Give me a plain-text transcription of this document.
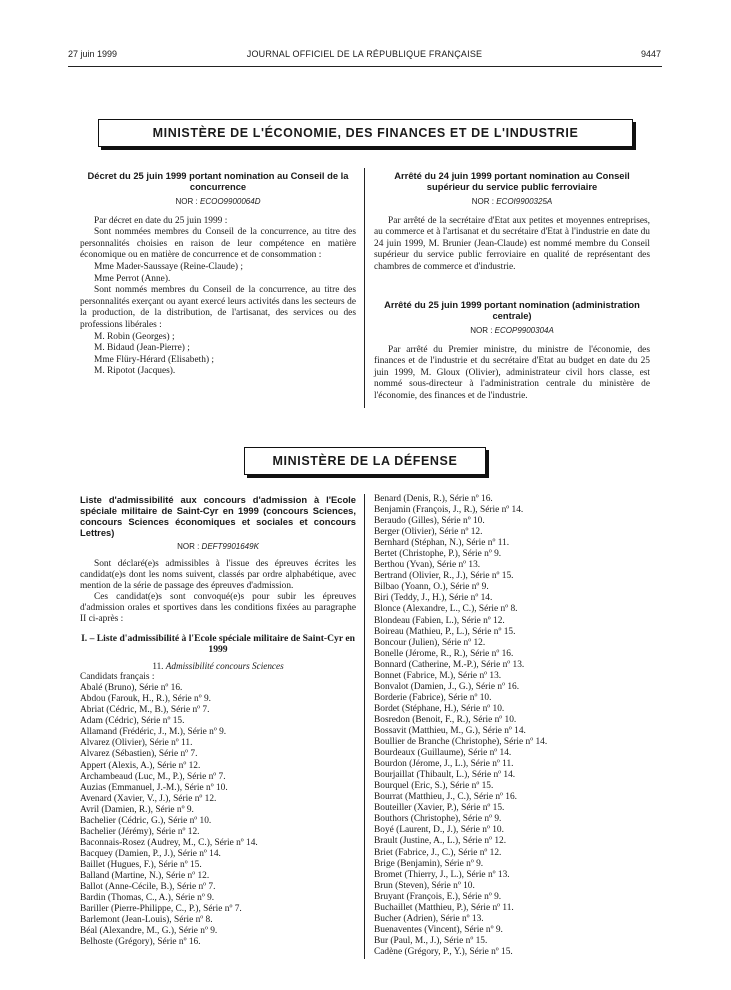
27 juin 1999	JOURNAL OFFICIEL DE LA RÉPUBLIQUE FRANÇAISE	9447
MINISTÈRE DE L'ÉCONOMIE, DES FINANCES ET DE L'INDUSTRIE
Décret du 25 juin 1999 portant nomination au Conseil de la concurrence
NOR : ECOO9900064D

Par décret en date du 25 juin 1999 :

Sont nommées membres du Conseil de la concurrence, au titre des personnalités choisies en raison de leur compétence en matière économique ou en matière de concurrence et de consommation :

Mme Mader-Saussaye (Reine-Claude) ;

Mme Perrot (Anne).

Sont nommés membres du Conseil de la concurrence, au titre des personnalités exerçant ou ayant exercé leurs activités dans les secteurs de la production, de la distribution, de l'artisanat, des services ou des professions libérales :

M. Robin (Georges) ;

M. Bidaud (Jean-Pierre) ;

Mme Flüry-Hérard (Elisabeth) ;

M. Ripotot (Jacques).

Arrêté du 24 juin 1999 portant nomination au Conseil supérieur du service public ferroviaire
NOR : ECOI9900325A

Par arrêté de la secrétaire d'Etat aux petites et moyennes entreprises, au commerce et à l'artisanat et du secrétaire d'Etat à l'industrie en date du 24 juin 1999, M. Brunier (Jean-Claude) est nommé membre du Conseil supérieur du service public ferroviaire en qualité de représentant des chambres de commerce et d'industrie.

Arrêté du 25 juin 1999 portant nomination (administration centrale)
NOR : ECOP9900304A

Par arrêté du Premier ministre, du ministre de l'économie, des finances et de l'industrie et du secrétaire d'Etat au budget en date du 25 juin 1999, M. Gloux (Olivier), administrateur civil hors classe, est nommé sous-directeur à l'administration centrale du ministère de l'économie, des finances et de l'industrie.

MINISTÈRE DE LA DÉFENSE
Liste d'admissibilité aux concours d'admission à l'Ecole spéciale militaire de Saint-Cyr en 1999 (concours Sciences, concours Sciences économiques et sociales et concours Lettres)
NOR : DEFT9901649K

Sont déclaré(e)s admissibles à l'issue des épreuves écrites les candidat(e)s dont les noms suivent, classés par ordre alphabétique, avec mention de la série de passage des épreuves d'admission.

Ces candidat(e)s sont convoqué(e)s pour subir les épreuves d'admission orales et sportives dans les conditions fixées au paragraphe II ci-après :

I. – Liste d'admissibilité à l'Ecole spéciale militaire de Saint-Cyr en 1999
11. Admissibilité concours Sciences

Candidats français :

Abalé (Bruno), Série nº 16.
Abdou (Farouk, H., R.), Série nº 9.
Abriat (Cédric, M., B.), Série nº 7.
Adam (Cédric), Série nº 15.
Allamand (Frédéric, J., M.), Série nº 9.
Alvarez (Olivier), Série nº 11.
Alvarez (Sébastien), Série nº 7.
Appert (Alexis, A.), Série nº 12.
Archambeaud (Luc, M., P.), Série nº 7.
Auzias (Emmanuel, J.-M.), Série nº 10.
Avenard (Xavier, V., J.), Série nº 12.
Avril (Damien, R.), Série nº 9.
Bachelier (Cédric, G.), Série nº 10.
Bachelier (Jérémy), Série nº 12.
Baconnais-Rosez (Audrey, M., C.), Série nº 14.
Bacquey (Damien, P., J.), Série nº 14.
Baillet (Hugues, F.), Série nº 15.
Balland (Martine, N.), Série nº 12.
Ballot (Anne-Cécile, B.), Série nº 7.
Bardin (Thomas, C., A.), Série nº 9.
Bariller (Pierre-Philippe, C., P.), Série nº 7.
Barlemont (Jean-Louis), Série nº 8.
Béal (Alexandre, M., G.), Série nº 9.
Belhoste (Grégory), Série nº 16.
Benard (Denis, R.), Série nº 16.
Benjamin (François, J., R.), Série nº 14.
Beraudo (Gilles), Série nº 10.
Berger (Olivier), Série nº 12.
Bernhard (Stéphan, N.), Série nº 11.
Bertet (Christophe, P.), Série nº 9.
Berthou (Yvan), Série nº 13.
Bertrand (Olivier, R., J.), Série nº 15.
Bilbao (Yoann, O.), Série nº 9.
Biri (Teddy, J., H.), Série nº 14.
Blonce (Alexandre, L., C.), Série nº 8.
Blondeau (Fabien, L.), Série nº 12.
Boireau (Mathieu, P., L.), Série nº 15.
Boncour (Julien), Série nº 12.
Bonelle (Jérome, R., R.), Série nº 16.
Bonnard (Catherine, M.-P.), Série nº 13.
Bonnet (Fabrice, M.), Série nº 13.
Bonvalot (Damien, J., G.), Série nº 16.
Borderie (Fabrice), Série nº 10.
Bordet (Stéphane, H.), Série nº 10.
Bosredon (Benoit, F., R.), Série nº 10.
Bossavit (Matthieu, M., G.), Série nº 14.
Boullier de Branche (Christophe), Série nº 14.
Bourdeaux (Guillaume), Série nº 14.
Bourdon (Jérome, J., L.), Série nº 11.
Bourjaillat (Thibault, L.), Série nº 14.
Bourquel (Eric, S.), Série nº 15.
Bourrat (Matthieu, J., C.), Série nº 16.
Bouteiller (Xavier, P.), Série nº 15.
Bouthors (Christophe), Série nº 9.
Boyé (Laurent, D., J.), Série nº 10.
Brault (Justine, A., L.), Série nº 12.
Briet (Fabrice, J., C.), Série nº 12.
Brige (Benjamin), Série nº 9.
Bromet (Thierry, J., L.), Série nº 13.
Brun (Steven), Série nº 10.
Bruyant (François, E.), Série nº 9.
Buchaillet (Matthieu, P.), Série nº 11.
Bucher (Adrien), Série nº 13.
Buenaventes (Vincent), Série nº 9.
Bur (Paul, M., J.), Série nº 15.
Cadène (Grégory, P., Y.), Série nº 15.
